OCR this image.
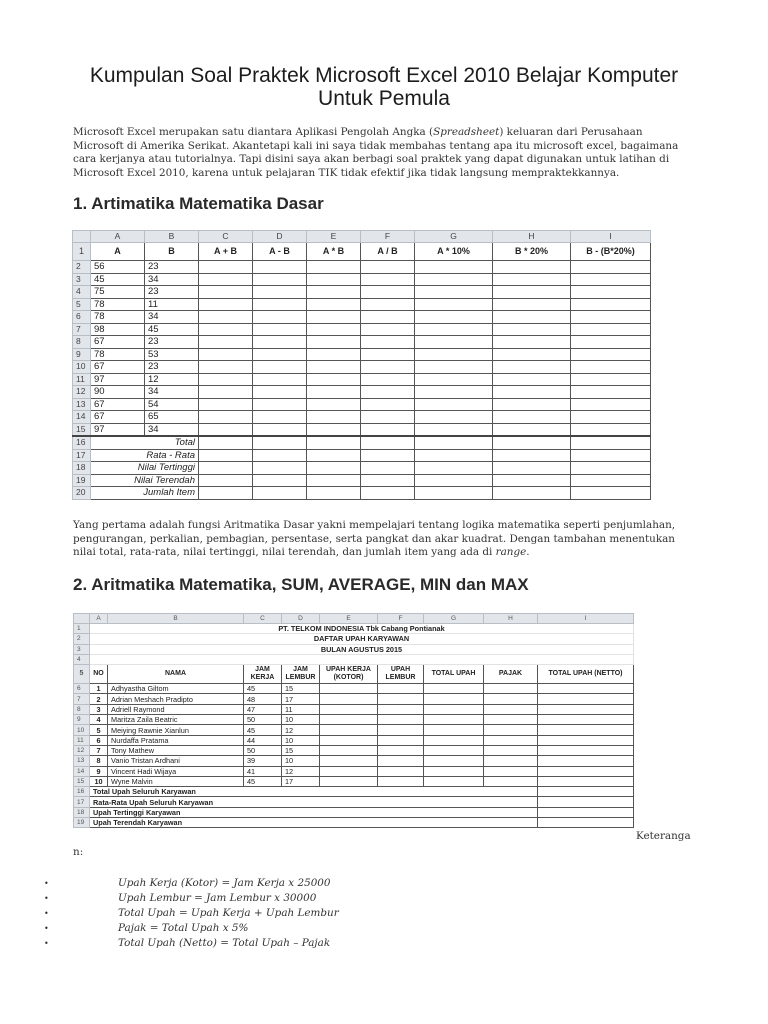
Kumpulan Soal Praktek Microsoft Excel 2010 Belajar Komputer Untuk Pemula
Microsoft Excel merupakan satu diantara Aplikasi Pengolah Angka (Spreadsheet) keluaran dari Perusahaan Microsoft di Amerika Serikat. Akantetapi kali ini saya tidak membahas tentang apa itu microsoft excel, bagaimana cara kerjanya atau tutorialnya. Tapi disini saya akan berbagi soal praktek yang dapat digunakan untuk latihan di Microsoft Excel 2010, karena untuk pelajaran TIK tidak efektif jika tidak langsung mempraktekkannya.
1. Artimatika Matematika Dasar
	A	B	C	D	E	F	G	H	I
1	A	B	A + B	A - B	A * B	A / B	A * 10%	B * 20%	B - (B*20%)
2	56	23							
3	45	34							
4	75	23							
5	78	11							
6	78	34							
7	98	45							
8	67	23							
9	78	53							
10	67	23							
11	97	12							
12	90	34							
13	67	54							
14	67	65							
15	97	34							
16	Total								
17	Rata - Rata								
18	Nilai Tertinggi								
19	Nilai Terendah								
20	Jumlah Item								
Yang pertama adalah fungsi Aritmatika Dasar yakni mempelajari tentang logika matematika seperti penjumlahan, pengurangan, perkalian, pembagian, persentase, serta pangkat dan akar kuadrat. Dengan tambahan menentukan nilai total, rata-rata, nilai tertinggi, nilai terendah, dan jumlah item yang ada di range.
2. Aritmatika Matematika, SUM, AVERAGE, MIN dan MAX
	A	B	C	D	E	F	G	H	I
1	PT. TELKOM INDONESIA Tbk Cabang Pontianak								
2	DAFTAR UPAH KARYAWAN								
3	BULAN AGUSTUS 2015								
4									
5	NO	NAMA	JAM KERJA	JAM LEMBUR	UPAH KERJA (KOTOR)	UPAH LEMBUR	TOTAL UPAH	PAJAK	TOTAL UPAH (NETTO)
6	1	Adhyastha Giltom	45	15					
7	2	Adrian Meshach Pradipto	48	17					
8	3	Adriell Raymond	47	11					
9	4	Maritza Zaila Beatric	50	10					
10	5	Meiying Rawnie Xianlun	45	12					
11	6	Nurdaffa Pratama	44	10					
12	7	Tony Mathew	50	15					
13	8	Vanio Tristan Ardhani	39	10					
14	9	Vincent Hadi Wijaya	41	12					
15	10	Wyne Malvin	45	17					
16	Total Upah Seluruh Karyawan								
17	Rata-Rata Upah Seluruh Karyawan								
18	Upah Tertinggi Karyawan								
19	Upah Terendah Karyawan								
Keteranga
n:
•	Upah Kerja (Kotor) = Jam Kerja x 25000
•	Upah Lembur = Jam Lembur x 30000
•	Total Upah = Upah Kerja + Upah Lembur
•	Pajak = Total Upah x 5%
•	Total Upah (Netto) = Total Upah – Pajak
